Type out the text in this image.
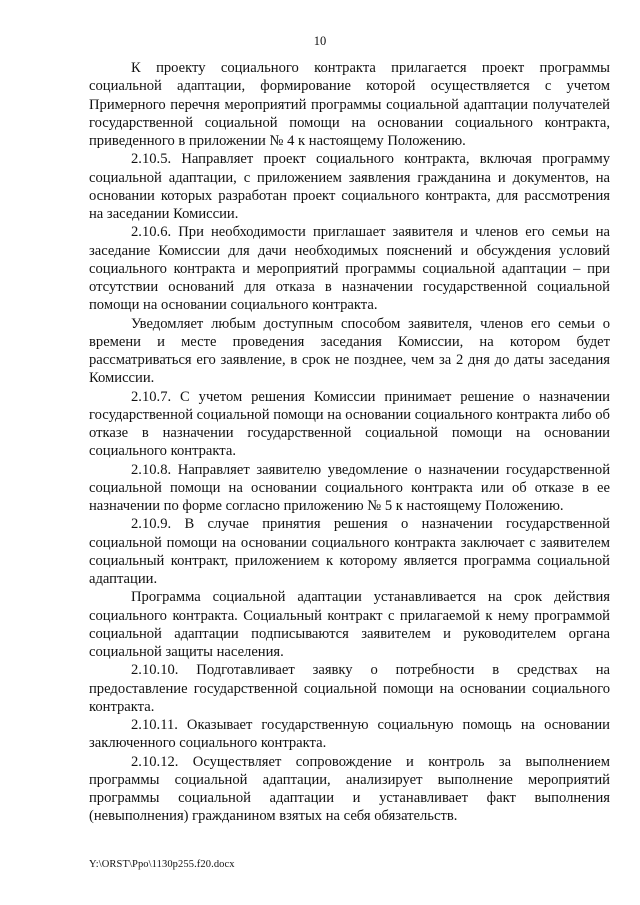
10

К проекту социального контракта прилагается проект программы социальной адаптации, формирование которой осуществляется с учетом Примерного перечня мероприятий программы социальной адаптации получателей государственной социальной помощи на основании социального контракта, приведенного в приложении № 4 к настоящему Положению.

2.10.5. Направляет проект социального контракта, включая программу социальной адаптации, с приложением заявления гражданина и документов, на основании которых разработан проект социального контракта, для рассмотрения на заседании Комиссии.

2.10.6. При необходимости приглашает заявителя и членов его семьи на заседание Комиссии для дачи необходимых пояснений и обсуждения условий социального контракта и мероприятий программы социальной адаптации – при отсутствии оснований для отказа в назначении государственной социальной помощи на основании социального контракта.

Уведомляет любым доступным способом заявителя, членов его семьи о времени и месте проведения заседания Комиссии, на котором будет рассматриваться его заявление, в срок не позднее, чем за 2 дня до даты заседания Комиссии.

2.10.7. С учетом решения Комиссии принимает решение о назначении государственной социальной помощи на основании социального контракта либо об отказе в назначении государственной социальной помощи на основании социального контракта.

2.10.8. Направляет заявителю уведомление о назначении государственной социальной помощи на основании социального контракта или об отказе в ее назначении по форме согласно приложению № 5 к настоящему Положению.

2.10.9. В случае принятия решения о назначении государственной социальной помощи на основании социального контракта заключает с заявителем социальный контракт, приложением к которому является программа социальной адаптации.

Программа социальной адаптации устанавливается на срок действия социального контракта. Социальный контракт с прилагаемой к нему программой социальной адаптации подписываются заявителем и руководителем органа социальной защиты населения.

2.10.10. Подготавливает заявку о потребности в средствах на предоставление государственной социальной помощи на основании социального контракта.

2.10.11. Оказывает государственную социальную помощь на основании заключенного социального контракта.

2.10.12. Осуществляет сопровождение и контроль за выполнением программы социальной адаптации, анализирует выполнение мероприятий программы социальной адаптации и устанавливает факт выполнения (невыполнения) гражданином взятых на себя обязательств.

Y:\ORST\Ppo\1130p255.f20.docx
